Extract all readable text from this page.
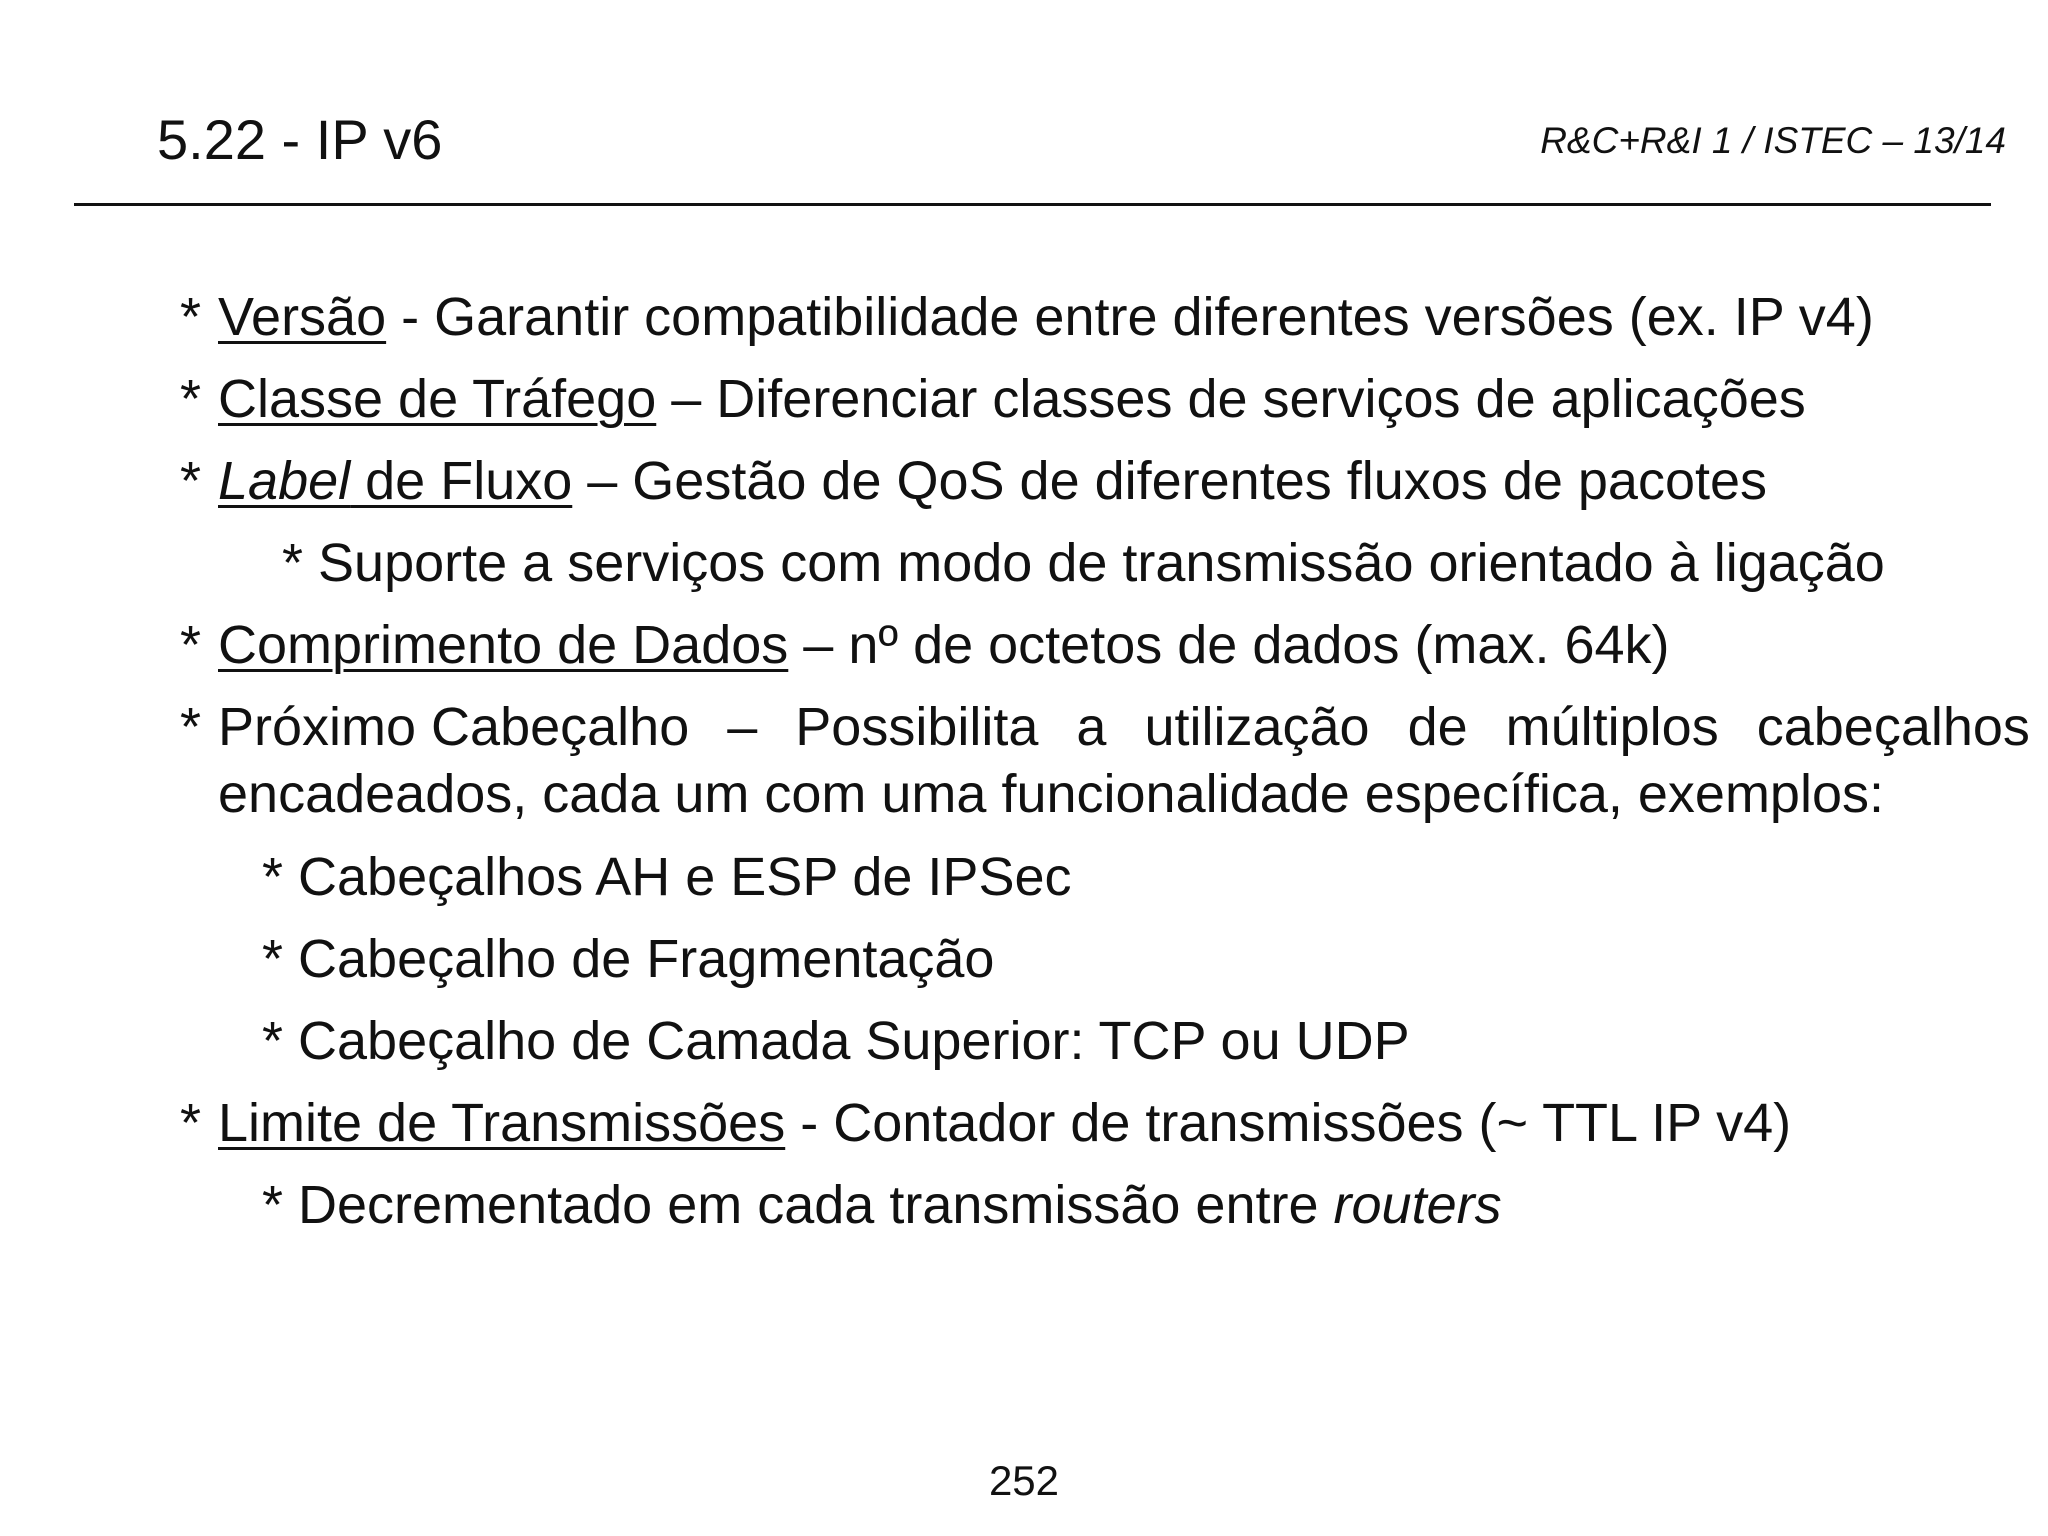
5.22 - IP v6	R&C+R&I 1 / ISTEC – 13/14
* Versão - Garantir compatibilidade entre diferentes versões (ex. IP v4)
* Classe de Tráfego – Diferenciar classes de serviços de aplicações
* Label de Fluxo – Gestão de QoS de diferentes fluxos de pacotes
* Suporte a serviços com modo de transmissão orientado à ligação
* Comprimento de Dados – nº de octetos de dados (max. 64k)
* Próximo Cabeçalho – Possibilita a utilização de múltiplos cabeçalhos
encadeados, cada um com uma funcionalidade específica, exemplos:
* Cabeçalhos AH e ESP de IPSec
* Cabeçalho de Fragmentação
* Cabeçalho de Camada Superior: TCP ou UDP
* Limite de Transmissões - Contador de transmissões (~ TTL IP v4)
* Decrementado em cada transmissão entre routers
252
